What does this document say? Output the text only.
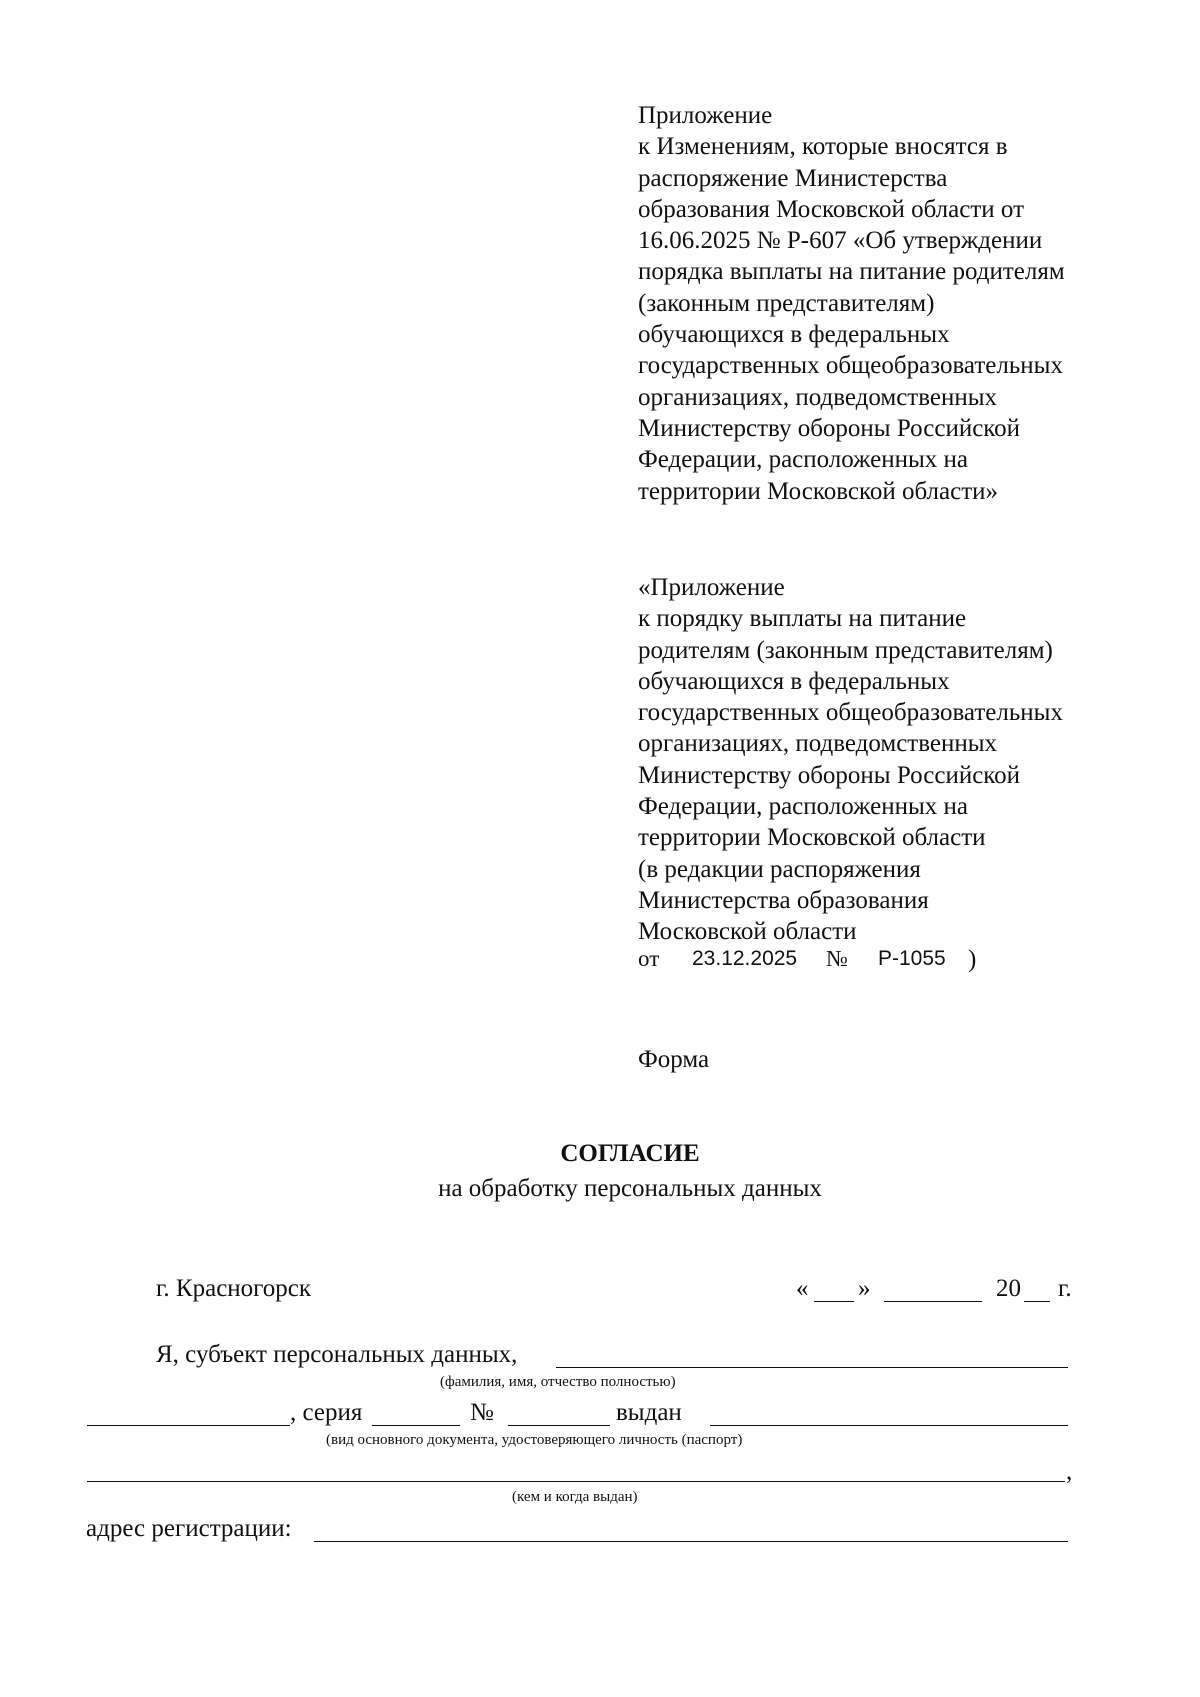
Приложение
к Изменениям, которые вносятся в
распоряжение Министерства
образования Московской области от
16.06.2025 № Р-607 «Об утверждении
порядка выплаты на питание родителям
(законным представителям)
обучающихся в федеральных
государственных общеобразовательных
организациях, подведомственных
Министерству обороны Российской
Федерации, расположенных на
территории Московской области»
«Приложение
к порядку выплаты на питание
родителям (законным представителям)
обучающихся в федеральных
государственных общеобразовательных
организациях, подведомственных
Министерству обороны Российской
Федерации, расположенных на
территории Московской области
(в редакции распоряжения
Министерства образования
Московской области
от 23.12.2025 № Р-1055 )
Форма
СОГЛАСИЕ
на обработку персональных данных
г. Красногорск	« »	20 г.
Я, субъект персональных данных,
(фамилия, имя, отчество полностью)
, серия	№	выдан
(вид основного документа, удостоверяющего личность (паспорт)
,
(кем и когда выдан)
адрес регистрации:
